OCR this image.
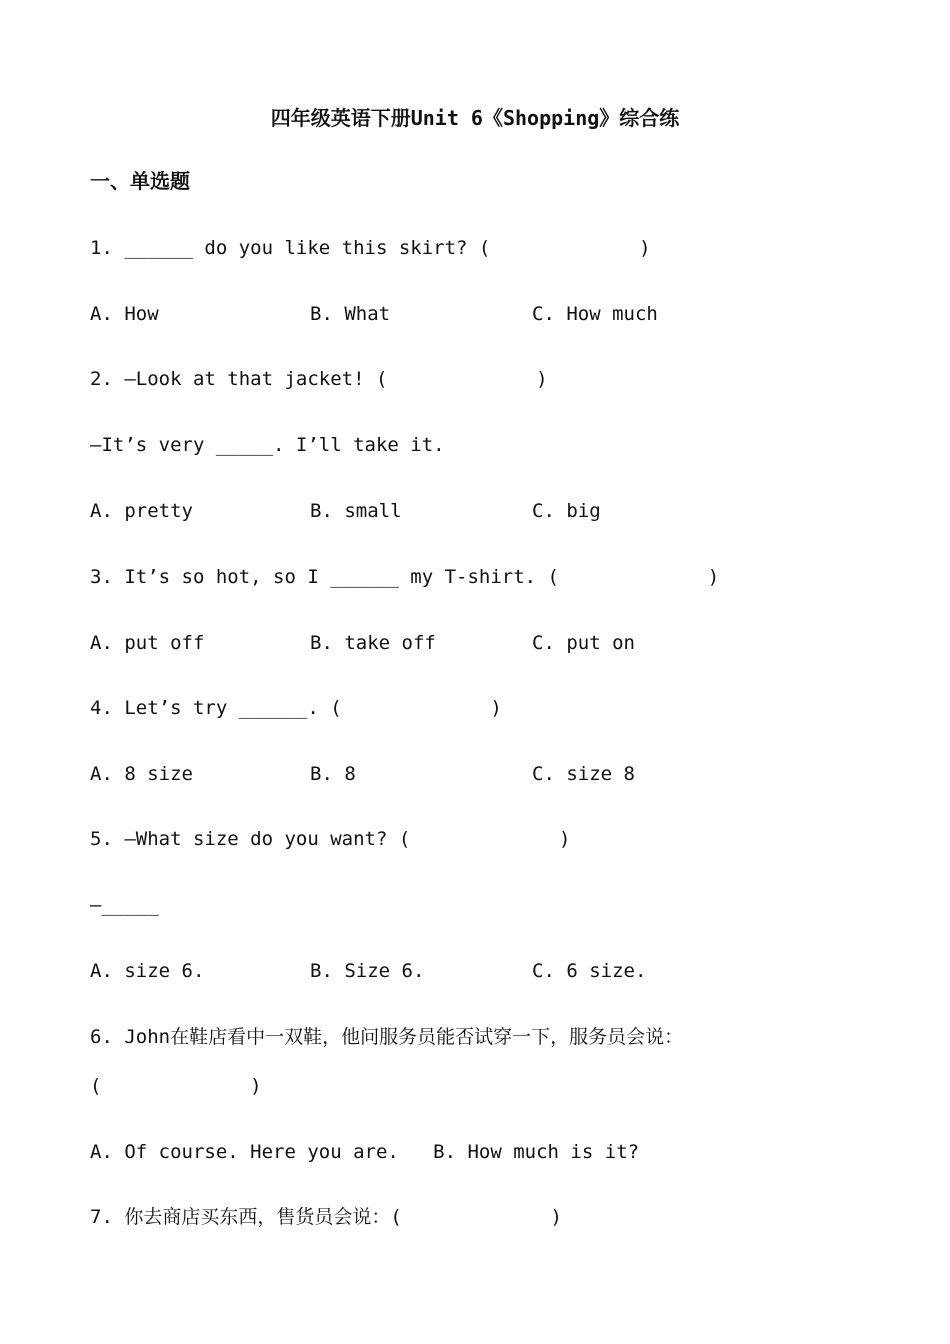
四年级英语下册Unit 6《Shopping》综合练
一、单选题
1. ______ do you like this skirt? (             )
A. How	B. What	C. How much
2. —Look at that jacket! (             )
—It’s very _____. I’ll take it.
A. pretty	B. small	C. big
3. It’s so hot, so I ______ my T-shirt. (             )
A. put off	B. take off	C. put on
4. Let’s try ______. (             )
A. 8 size	B. 8	C. size 8
5. —What size do you want? (             )
—_____
A. size 6.	B. Size 6.	C. 6 size.
6. John在鞋店看中一双鞋，他问服务员能否试穿一下，服务员会说：
(             )
A. Of course. Here you are.   B. How much is it?
7. 你去商店买东西，售货员会说：(             )
